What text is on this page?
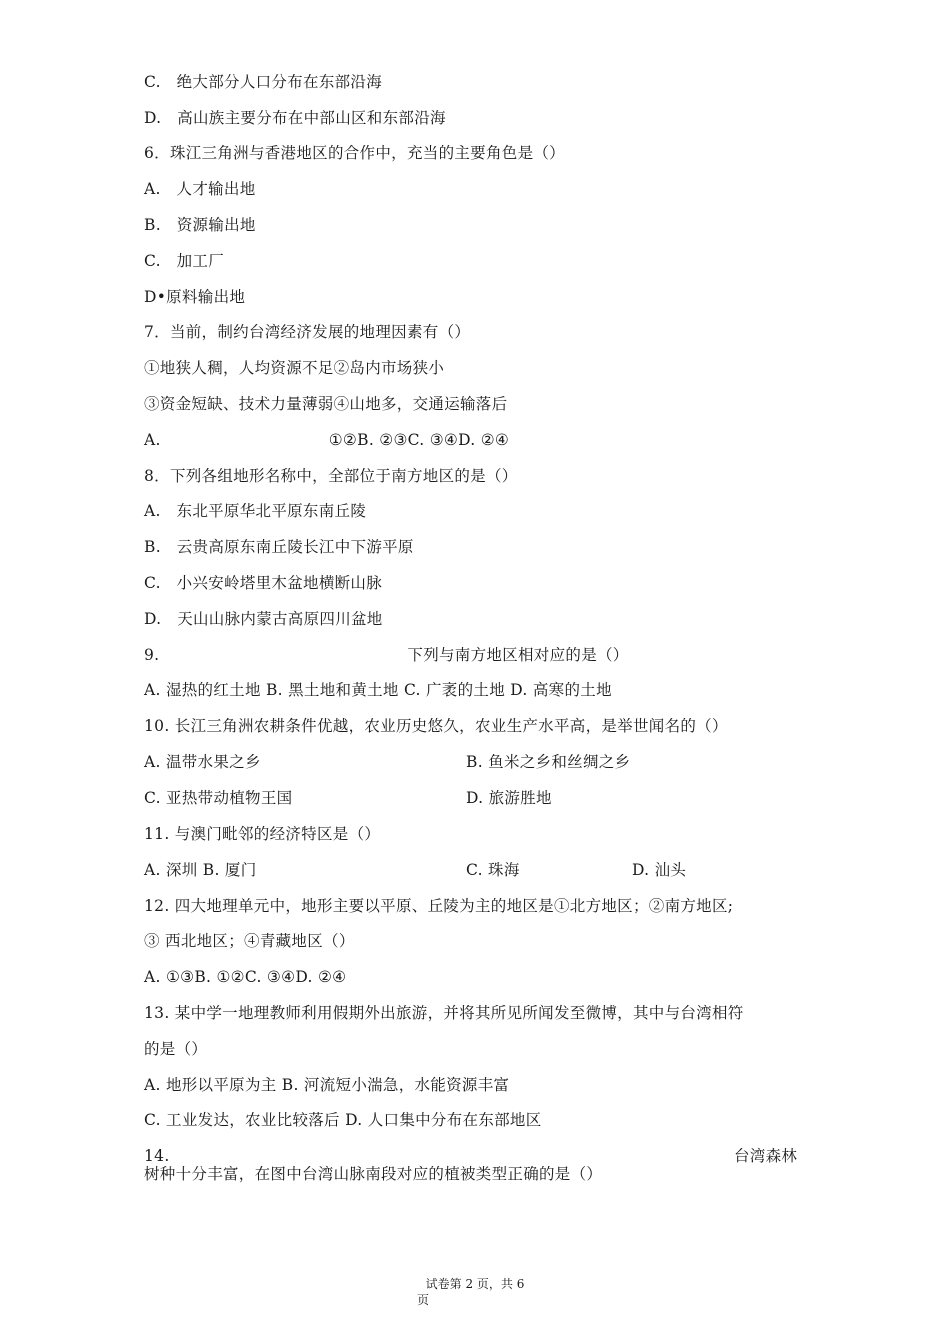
C.　绝大部分人口分布在东部沿海
D.　高山族主要分布在中部山区和东部沿海
6．珠江三角洲与香港地区的合作中，充当的主要角色是（）
A.　人才输出地
B.　资源输出地
C.　加工厂
D•原料输出地
7．当前，制约台湾经济发展的地理因素有（）
①地狭人稠，人均资源不足②岛内市场狭小
③资金短缺、技术力量薄弱④山地多，交通运输落后
A.	①②B. ②③C. ③④D. ②④
8．下列各组地形名称中，全部位于南方地区的是（）
A.　东北平原华北平原东南丘陵
B.　云贵高原东南丘陵长江中下游平原
C.　小兴安岭塔里木盆地横断山脉
D.　天山山脉内蒙古高原四川盆地
9.	下列与南方地区相对应的是（）
A. 湿热的红土地 B. 黑土地和黄土地 C. 广袤的土地 D. 高寒的土地
10. 长江三角洲农耕条件优越，农业历史悠久，农业生产水平高，是举世闻名的（）
A. 温带水果之乡	B. 鱼米之乡和丝绸之乡
C. 亚热带动植物王国	D. 旅游胜地
11. 与澳门毗邻的经济特区是（）
A. 深圳 B. 厦门	C. 珠海	D. 汕头
12. 四大地理单元中，地形主要以平原、丘陵为主的地区是①北方地区；②南方地区;
③ 西北地区；④青藏地区（）
A. ①③B. ①②C. ③④D. ②④
13. 某中学一地理教师利用假期外出旅游，并将其所见所闻发至微博，其中与台湾相符
的是（）
A. 地形以平原为主 B. 河流短小湍急，水能资源丰富
C. 工业发达，农业比较落后 D. 人口集中分布在东部地区
14.	台湾森林
树种十分丰富，在图中台湾山脉南段对应的植被类型正确的是（）
试卷第 2 页，共 6
页
